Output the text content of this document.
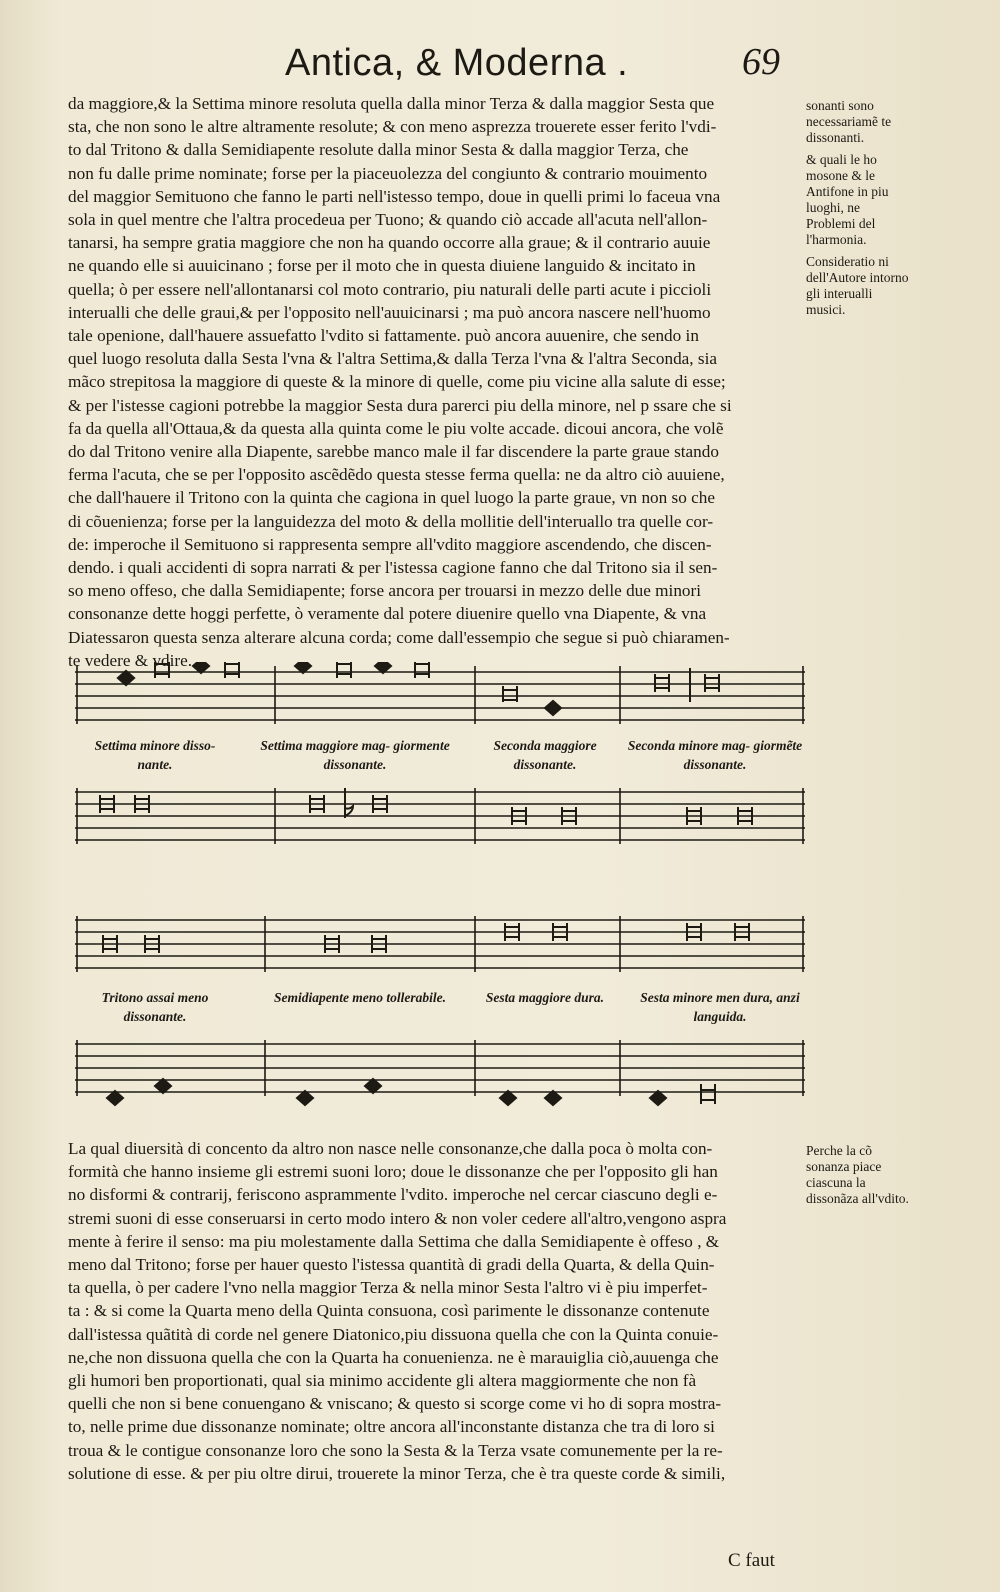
Antica, & Moderna .	69

da maggiore,& la Settima minore resoluta quella dalla minor Terza & dalla maggior Sesta que

sta, che non sono le altre altramente resolute; & con meno asprezza trouerete esser ferito l'vdi-

to dal Tritono & dalla Semidiapente resolute dalla minor Sesta & dalla maggior Terza, che

non fu dalle prime nominate; forse per la piaceuolezza del congiunto & contrario mouimento

del maggior Semituono che fanno le parti nell'istesso tempo, doue in quelli primi lo faceua vna

sola in quel mentre che l'altra procedeua per Tuono; & quando ciò accade all'acuta nell'allon-

tanarsi, ha sempre gratia maggiore che non ha quando occorre alla graue; & il contrario auuie

ne quando elle si auuicinano ; forse per il moto che in questa diuiene languido & incitato in

quella; ò per essere nell'allontanarsi col moto contrario, piu naturali delle parti acute i piccioli

interualli che delle graui,& per l'opposito nell'auuicinarsi ; ma può ancora nascere nell'huomo

tale openione, dall'hauere assuefatto l'vdito si fattamente. può ancora auuenire, che sendo in

quel luogo resoluta dalla Sesta l'vna & l'altra Settima,& dalla Terza l'vna & l'altra Seconda, sia

mãco strepitosa la maggiore di queste & la minore di quelle, come piu vicine alla salute di esse;

& per l'istesse cagioni potrebbe la maggior Sesta dura parerci piu della minore, nel p ssare che si

fa da quella all'Ottaua,& da questa alla quinta come le piu volte accade. dicoui ancora, che volẽ

do dal Tritono venire alla Diapente, sarebbe manco male il far discendere la parte graue stando

ferma l'acuta, che se per l'opposito ascẽdẽdo questa stesse ferma quella: ne da altro ciò auuiene,

che dall'hauere il Tritono con la quinta che cagiona in quel luogo la parte graue, vn non so che

di cõuenienza; forse per la languidezza del moto & della mollitie dell'interuallo tra quelle cor-

de: imperoche il Semituono si rappresenta sempre all'vdito maggiore ascendendo, che discen-

dendo. i quali accidenti di sopra narrati & per l'istessa cagione fanno che dal Tritono sia il sen-

so meno offeso, che dalla Semidiapente; forse ancora per trouarsi in mezzo delle due minori

consonanze dette hoggi perfette, ò veramente dal potere diuenire quello vna Diapente, & vna

Diatessaron questa senza alterare alcuna corda; come dall'essempio che segue si può chiaramen-

te vedere & vdire.

sonanti sono necessariamẽ te dissonanti.

& quali le ho mosone & le Antifone in piu luoghi, ne Problemi del l'harmonia.

Consideratio ni dell'Autore intorno gli interualli musici.

Settima minore disso- nante.
Settima maggiore mag- giormente dissonante.
Seconda maggiore dissonante.
Seconda minore mag- giormẽte dissonante.
Tritono assai meno dissonante.
Semidiapente meno tollerabile.	Sesta maggiore dura.	Sesta minore men dura, anzi languida.

La qual diuersità di concento da altro non nasce nelle consonanze,che dalla poca ò molta con-

formità che hanno insieme gli estremi suoni loro; doue le dissonanze che per l'opposito gli han

no disformi & contrarij, feriscono asprammente l'vdito. imperoche nel cercar ciascuno degli e-

stremi suoni di esse conseruarsi in certo modo intero & non voler cedere all'altro,vengono aspra

mente à ferire il senso: ma piu molestamente dalla Settima che dalla Semidiapente è offeso , &

meno dal Tritono; forse per hauer questo l'istessa quantità di gradi della Quarta, & della Quin-

ta quella, ò per cadere l'vno nella maggior Terza & nella minor Sesta l'altro vi è piu imperfet-

ta : & si come la Quarta meno della Quinta consuona, così parimente le dissonanze contenute

dall'istessa quãtità di corde nel genere Diatonico,piu dissuona quella che con la Quinta conuie-

ne,che non dissuona quella che con la Quarta ha conuenienza. ne è marauiglia ciò,auuenga che

gli humori ben proportionati, qual sia minimo accidente gli altera maggiormente che non fà

quelli che non si bene conuengano & vniscano; & questo si scorge come vi ho di sopra mostra-

to, nelle prime due dissonanze nominate; oltre ancora all'inconstante distanza che tra di loro si

troua & le contigue consonanze loro che sono la Sesta & la Terza vsate comunemente per la re-

solutione di esse. & per piu oltre dirui, trouerete la minor Terza, che è tra queste corde & simili,

Perche la cõ sonanza piace ciascuna la dissonãza all'vdito.
C faut
